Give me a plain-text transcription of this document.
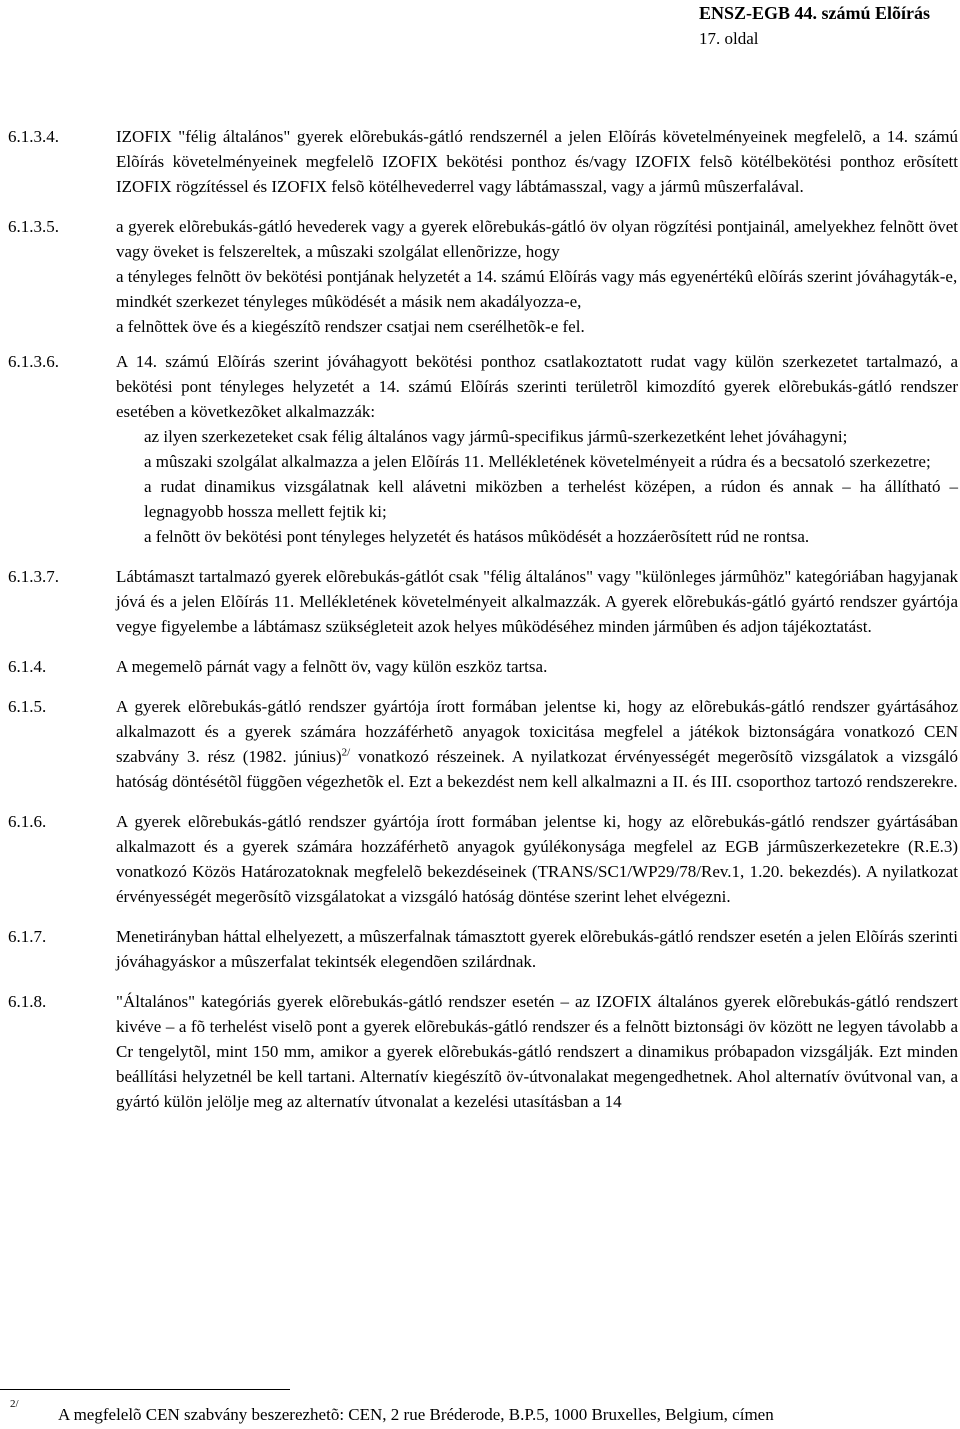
ENSZ-EGB 44. számú Elõírás
17. oldal
6.1.3.4.	IZOFIX "félig általános" gyerek elõrebukás-gátló rendszernél a jelen Elõírás követelményeinek megfelelõ, a 14. számú Elõírás követelményeinek megfelelõ IZOFIX bekötési ponthoz és/vagy IZOFIX felsõ kötélbekötési ponthoz erõsített IZOFIX rögzítéssel és IZOFIX felsõ kötélhevederrel vagy lábtámasszal, vagy a jármû mûszerfalával.

6.1.3.5.	a gyerek elõrebukás-gátló hevederek vagy a gyerek elõrebukás-gátló öv olyan rögzítési pontjainál, amelyekhez felnõtt övet vagy öveket is felszereltek, a mûszaki szolgálat ellenõrizze, hogy

a tényleges felnõtt öv bekötési pontjának helyzetét a 14. számú Elõírás vagy más egyenértékû elõírás szerint jóváhagyták-e,

mindkét szerkezet tényleges mûködését a másik nem akadályozza-e,

a felnõttek öve és a kiegészítõ rendszer csatjai nem cserélhetõk-e fel.

6.1.3.6.	A 14. számú Elõírás szerint jóváhagyott bekötési ponthoz csatlakoztatott rudat vagy külön szerkezetet tartalmazó, a bekötési pont tényleges helyzetét a 14. számú Elõírás szerinti területrõl kimozdító gyerek elõrebukás-gátló rendszer esetében a következõket alkalmazzák:

az ilyen szerkezeteket csak félig általános vagy jármû-specifikus jármû-szerkezetként lehet jóváhagyni;

a mûszaki szolgálat alkalmazza a jelen Elõírás 11. Mellékletének követelményeit a rúdra és a becsatoló szerkezetre;

a rudat dinamikus vizsgálatnak kell alávetni miközben a terhelést középen, a rúdon és annak – ha állítható – legnagyobb hossza mellett fejtik ki;

a felnõtt öv bekötési pont tényleges helyzetét és hatásos mûködését a hozzáerõsített rúd ne rontsa.

6.1.3.7.	Lábtámaszt tartalmazó gyerek elõrebukás-gátlót csak "félig általános" vagy "különleges jármûhöz" kategóriában hagyjanak jóvá és a jelen Elõírás 11. Mellékletének követelményeit alkalmazzák. A gyerek elõrebukás-gátló gyártó rendszer gyártója vegye figyelembe a lábtámasz szükségleteit azok helyes mûködéséhez minden jármûben és adjon tájékoztatást.

6.1.4.	A megemelõ párnát vagy a felnõtt öv, vagy külön eszköz tartsa.

6.1.5.	A gyerek elõrebukás-gátló rendszer gyártója írott formában jelentse ki, hogy az elõrebukás-gátló rendszer gyártásához alkalmazott és a gyerek számára hozzáférhetõ anyagok toxicitása megfelel a játékok biztonságára vonatkozó CEN szabvány 3. rész (1982. június)$^{2/}$ vonatkozó részeinek. A nyilatkozat érvényességét megerõsítõ vizsgálatok a vizsgáló hatóság döntésétõl függõen végezhetõk el. Ezt a bekezdést nem kell alkalmazni a II. és III. csoporthoz tartozó rendszerekre.

6.1.6.	A gyerek elõrebukás-gátló rendszer gyártója írott formában jelentse ki, hogy az elõrebukás-gátló rendszer gyártásában alkalmazott és a gyerek számára hozzáférhetõ anyagok gyúlékonysága megfelel az EGB jármûszerkezetekre (R.E.3) vonatkozó Közös Határozatoknak megfelelõ bekezdéseinek (TRANS/SC1/WP29/78/Rev.1, 1.20. bekezdés). A nyilatkozat érvényességét megerõsítõ vizsgálatokat a vizsgáló hatóság döntése szerint lehet elvégezni.

6.1.7.	Menetirányban háttal elhelyezett, a mûszerfalnak támasztott gyerek elõrebukás-gátló rendszer esetén a jelen Elõírás szerinti jóváhagyáskor a mûszerfalat tekintsék elegendõen szilárdnak.

6.1.8.	"Általános" kategóriás gyerek elõrebukás-gátló rendszer esetén – az IZOFIX általános gyerek elõrebukás-gátló rendszert kivéve – a fõ terhelést viselõ pont a gyerek elõrebukás-gátló rendszer és a felnõtt biztonsági öv között ne legyen távolabb a Cr tengelytõl, mint 150 mm, amikor a gyerek elõrebukás-gátló rendszert a dinamikus próbapadon vizsgálják. Ezt minden beállítási helyzetnél be kell tartani. Alternatív kiegészítõ öv-útvonalakat megengedhetnek. Ahol alternatív övútvonal van, a gyártó külön jelölje meg az alternatív útvonalat a kezelési utasításban a 14

2/
A megfelelõ CEN szabvány beszerezhetõ: CEN, 2 rue Bréderode, B.P.5, 1000 Bruxelles, Belgium, címen
